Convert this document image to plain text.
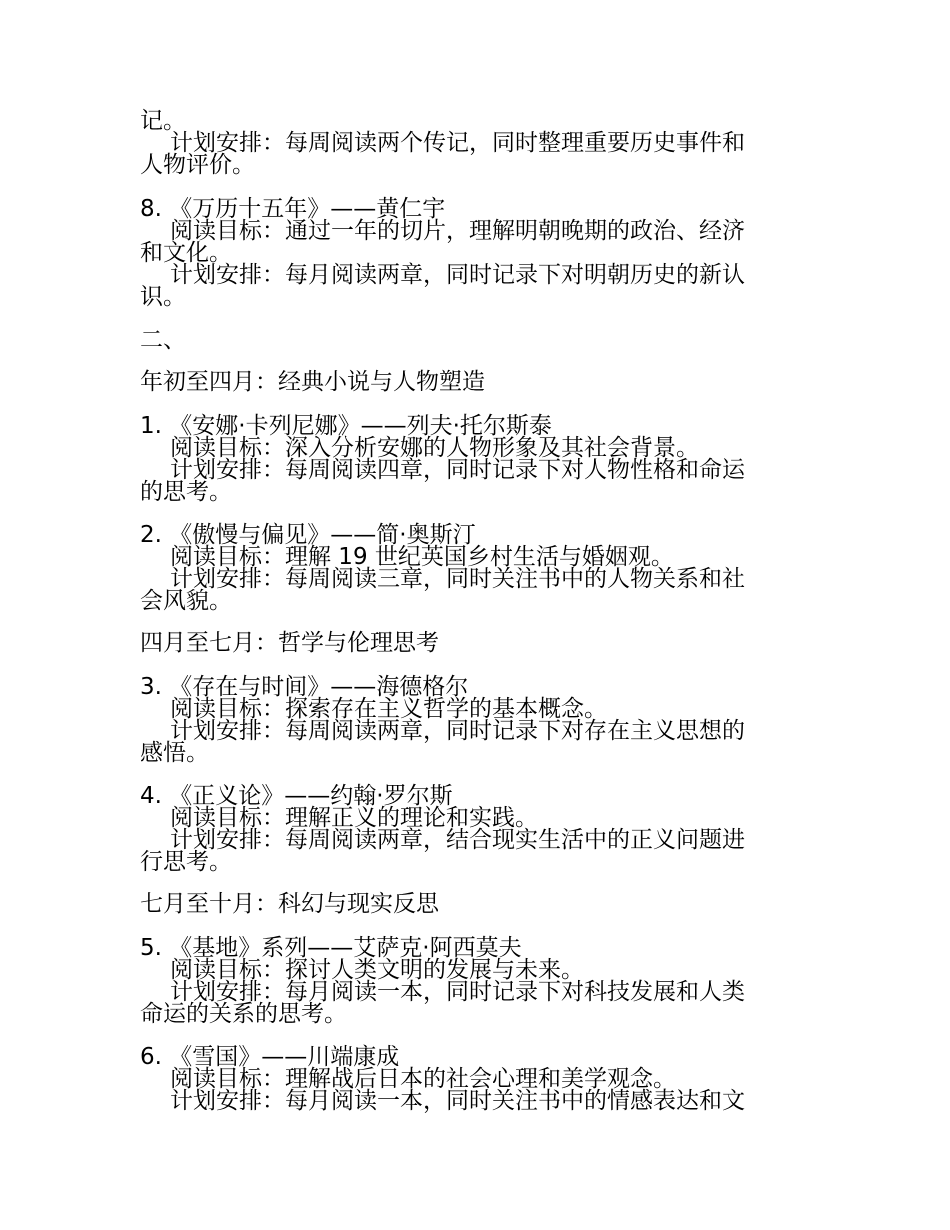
记。

计划安排：每周阅读两个传记，同时整理重要历史事件和

人物评价。

8. 《万历十五年》——黄仁宇

阅读目标：通过一年的切片，理解明朝晚期的政治、经济

和文化。

计划安排：每月阅读两章，同时记录下对明朝历史的新认

识。

二、

年初至四月：经典小说与人物塑造

1. 《安娜·卡列尼娜》——列夫·托尔斯泰

阅读目标：深入分析安娜的人物形象及其社会背景。

计划安排：每周阅读四章，同时记录下对人物性格和命运

的思考。

2. 《傲慢与偏见》——简·奥斯汀

阅读目标：理解 19 世纪英国乡村生活与婚姻观。

计划安排：每周阅读三章，同时关注书中的人物关系和社

会风貌。

四月至七月：哲学与伦理思考

3. 《存在与时间》——海德格尔

阅读目标：探索存在主义哲学的基本概念。

计划安排：每周阅读两章，同时记录下对存在主义思想的

感悟。

4. 《正义论》——约翰·罗尔斯

阅读目标：理解正义的理论和实践。

计划安排：每周阅读两章，结合现实生活中的正义问题进

行思考。

七月至十月：科幻与现实反思

5. 《基地》系列——艾萨克·阿西莫夫

阅读目标：探讨人类文明的发展与未来。

计划安排：每月阅读一本，同时记录下对科技发展和人类

命运的关系的思考。

6. 《雪国》——川端康成

阅读目标：理解战后日本的社会心理和美学观念。

计划安排：每月阅读一本，同时关注书中的情感表达和文
